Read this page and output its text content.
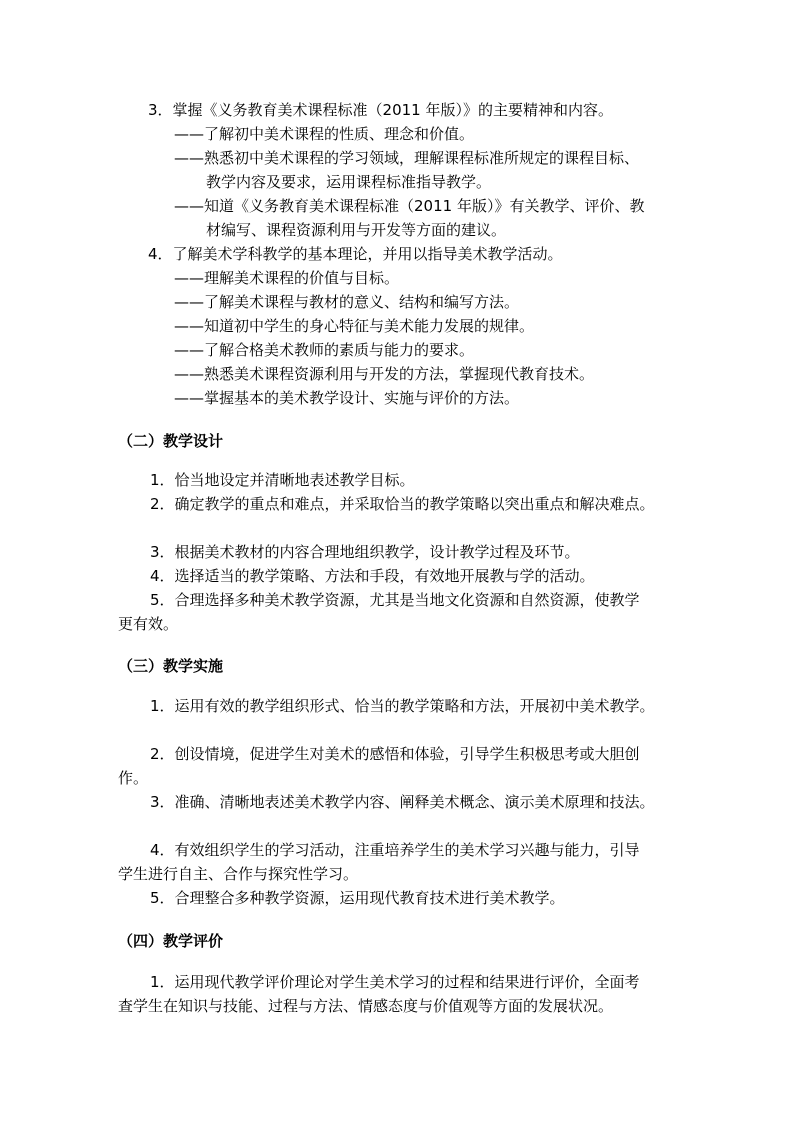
3．掌握《义务教育美术课程标准（2011 年版）》的主要精神和内容。
——了解初中美术课程的性质、理念和价值。
——熟悉初中美术课程的学习领域，理解课程标准所规定的课程目标、
教学内容及要求，运用课程标准指导教学。
——知道《义务教育美术课程标准（2011 年版）》有关教学、评价、教
材编写、课程资源利用与开发等方面的建议。
4．了解美术学科教学的基本理论，并用以指导美术教学活动。
——理解美术课程的价值与目标。
——了解美术课程与教材的意义、结构和编写方法。
——知道初中学生的身心特征与美术能力发展的规律。
——了解合格美术教师的素质与能力的要求。
——熟悉美术课程资源利用与开发的方法，掌握现代教育技术。
——掌握基本的美术教学设计、实施与评价的方法。
（二）教学设计
1．恰当地设定并清晰地表述教学目标。
2．确定教学的重点和难点，并采取恰当的教学策略以突出重点和解决难点。
3．根据美术教材的内容合理地组织教学，设计教学过程及环节。
4．选择适当的教学策略、方法和手段，有效地开展教与学的活动。
5．合理选择多种美术教学资源，尤其是当地文化资源和自然资源，使教学
更有效。
（三）教学实施
1．运用有效的教学组织形式、恰当的教学策略和方法，开展初中美术教学。
2．创设情境，促进学生对美术的感悟和体验，引导学生积极思考或大胆创
作。
3．准确、清晰地表述美术教学内容、阐释美术概念、演示美术原理和技法。
4．有效组织学生的学习活动，注重培养学生的美术学习兴趣与能力，引导
学生进行自主、合作与探究性学习。
5．合理整合多种教学资源，运用现代教育技术进行美术教学。
（四）教学评价
1．运用现代教学评价理论对学生美术学习的过程和结果进行评价，全面考
查学生在知识与技能、过程与方法、情感态度与价值观等方面的发展状况。
